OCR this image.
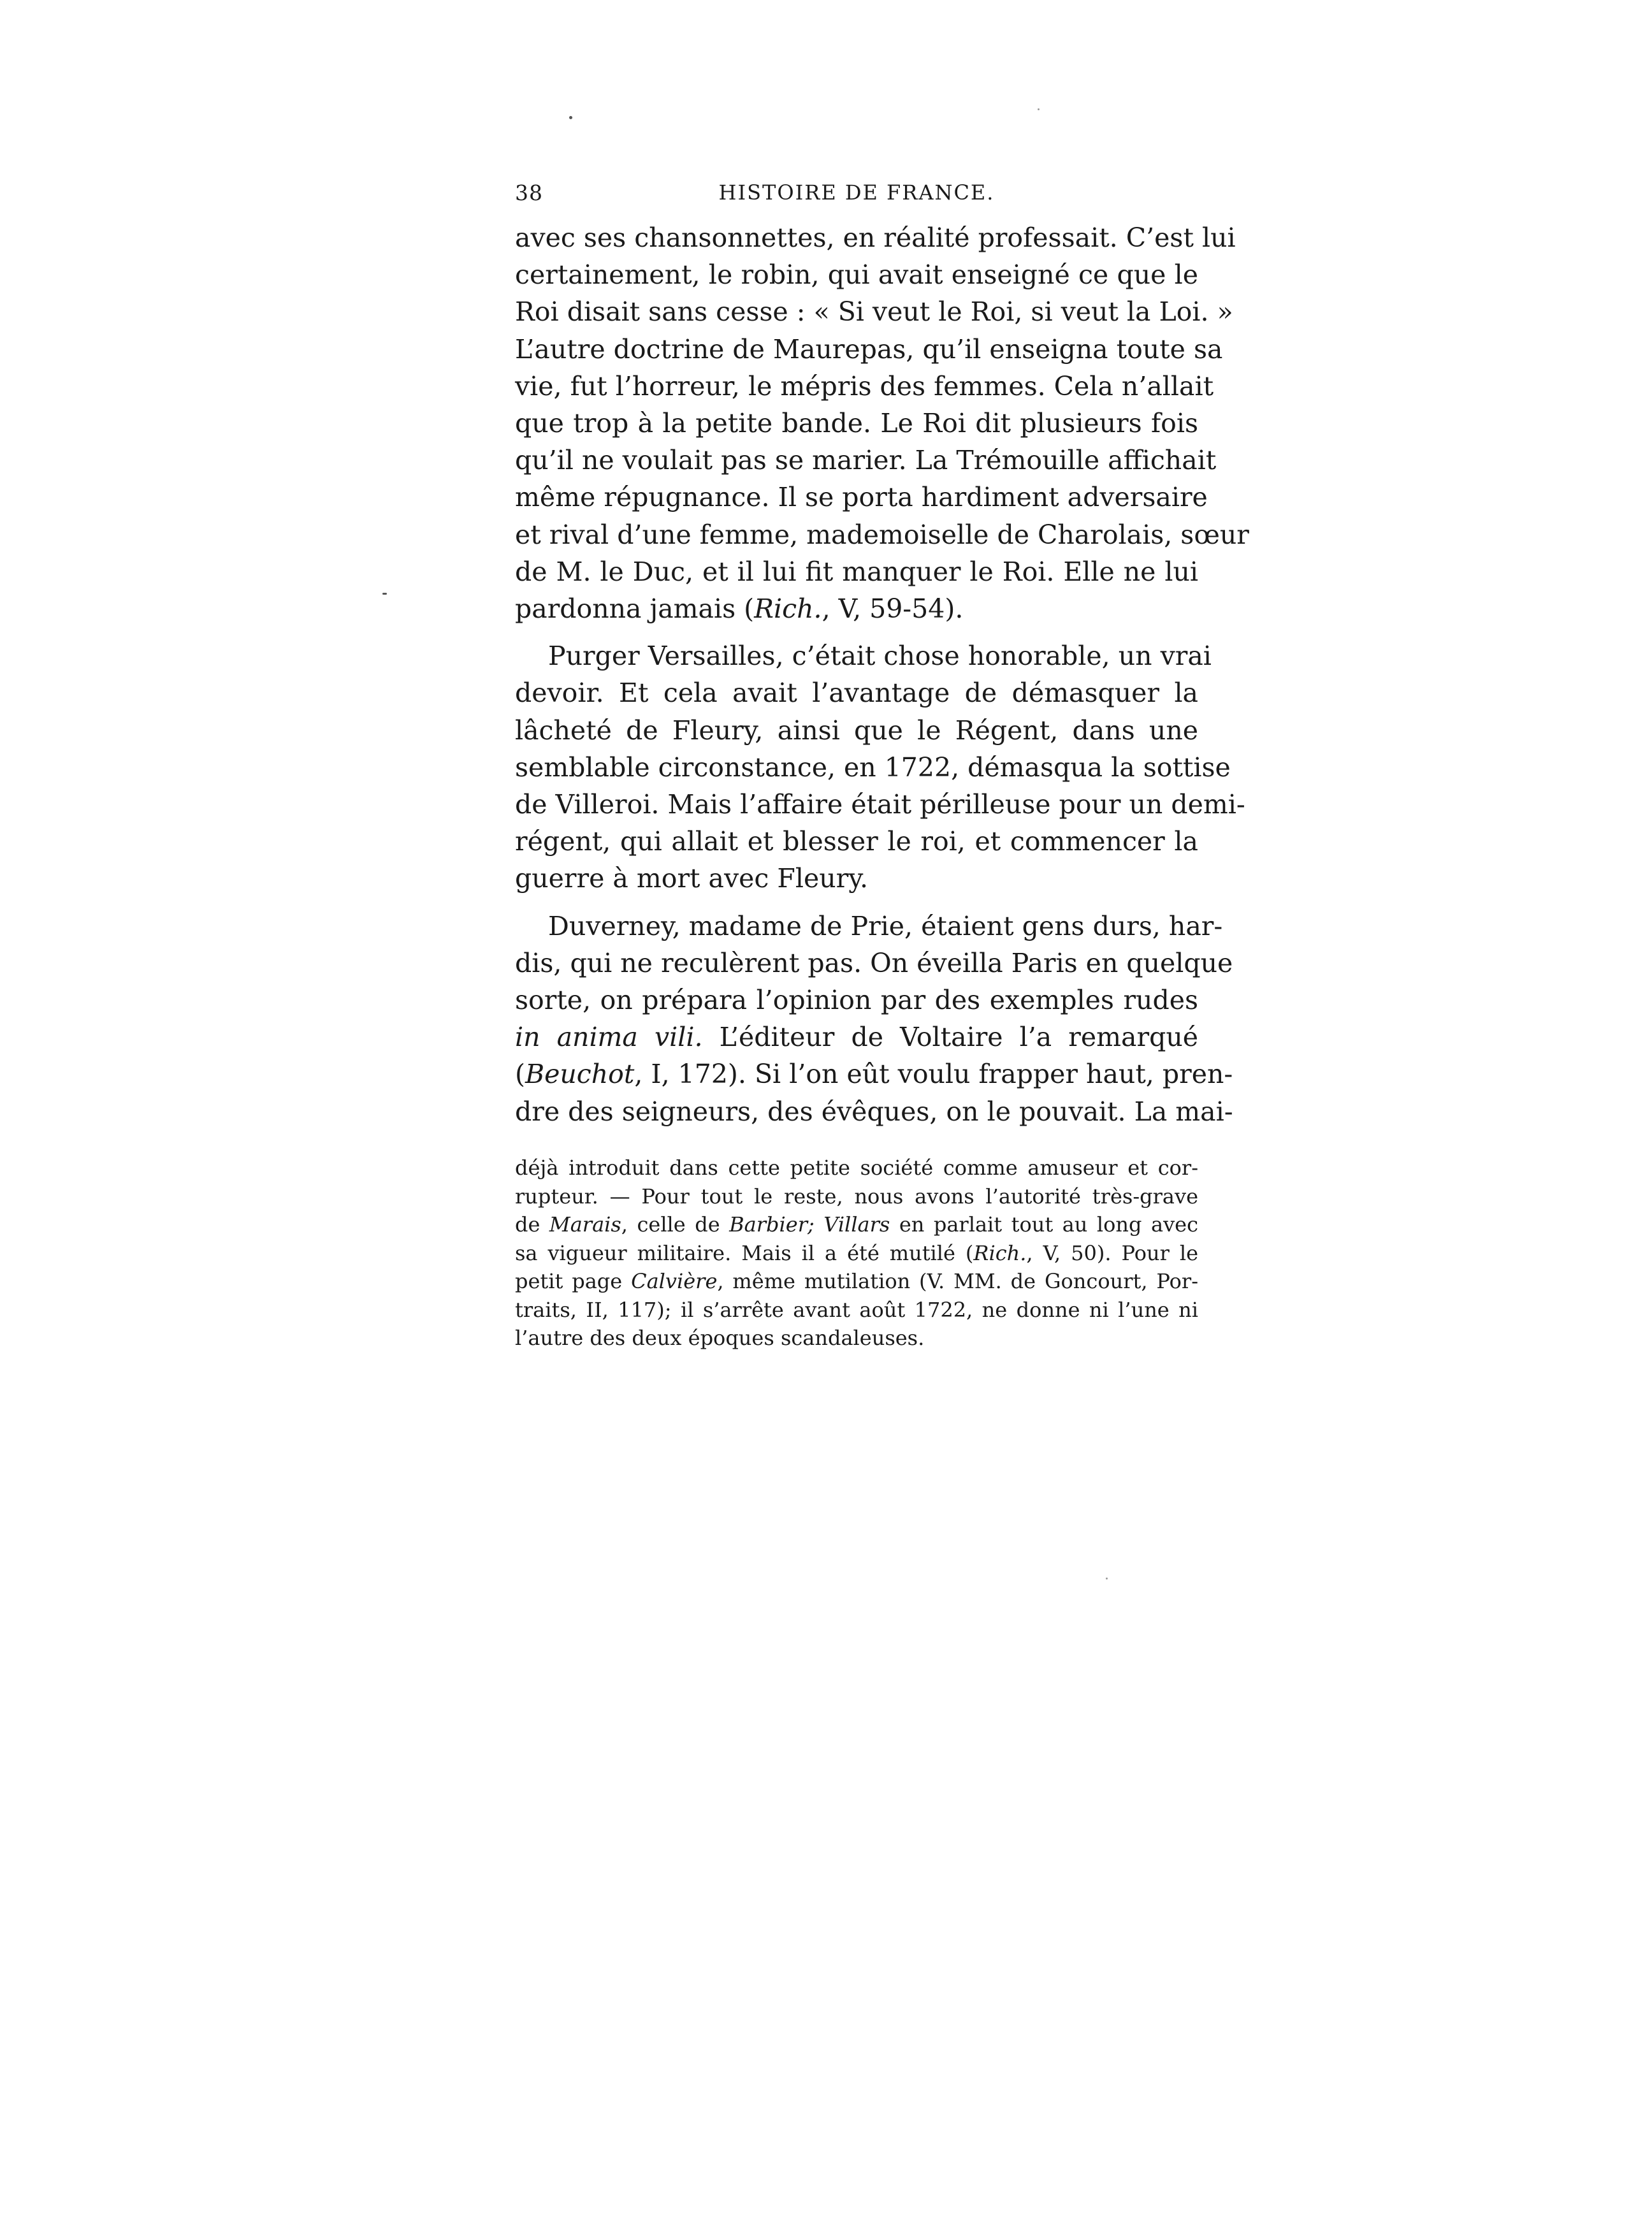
38	HISTOIRE DE FRANCE.

avec ses chansonnettes, en réalité professait. C’est lui
certainement, le robin, qui avait enseigné ce que le
Roi disait sans cesse : « Si veut le Roi, si veut la Loi. »
L’autre doctrine de Maurepas, qu’il enseigna toute sa
vie, fut l’horreur, le mépris des femmes. Cela n’allait
que trop à la petite bande. Le Roi dit plusieurs fois
qu’il ne voulait pas se marier. La Trémouille affichait
même répugnance. Il se porta hardiment adversaire
et rival d’une femme, mademoiselle de Charolais, sœur
de M. le Duc, et il lui fit manquer le Roi. Elle ne lui
pardonna jamais (Rich., V, 59-54).

Purger Versailles, c’était chose honorable, un vrai
devoir. Et cela avait l’avantage de démasquer la
lâcheté de Fleury, ainsi que le Régent, dans une
semblable circonstance, en 1722, démasqua la sottise
de Villeroi. Mais l’affaire était périlleuse pour un demi-
régent, qui allait et blesser le roi, et commencer la
guerre à mort avec Fleury.

Duverney, madame de Prie, étaient gens durs, har-
dis, qui ne reculèrent pas. On éveilla Paris en quelque
sorte, on prépara l’opinion par des exemples rudes
in anima vili. L’éditeur de Voltaire l’a remarqué
(Beuchot, I, 172). Si l’on eût voulu frapper haut, pren-
dre des seigneurs, des évêques, on le pouvait. La mai-

déjà introduit dans cette petite société comme amuseur et cor-
rupteur. — Pour tout le reste, nous avons l’autorité très-grave
de Marais, celle de Barbier; Villars en parlait tout au long avec
sa vigueur militaire. Mais il a été mutilé (Rich., V, 50). Pour le
petit page Calvière, même mutilation (V. MM. de Goncourt, Por-
traits, II, 117); il s’arrête avant août 1722, ne donne ni l’une ni
l’autre des deux époques scandaleuses.
